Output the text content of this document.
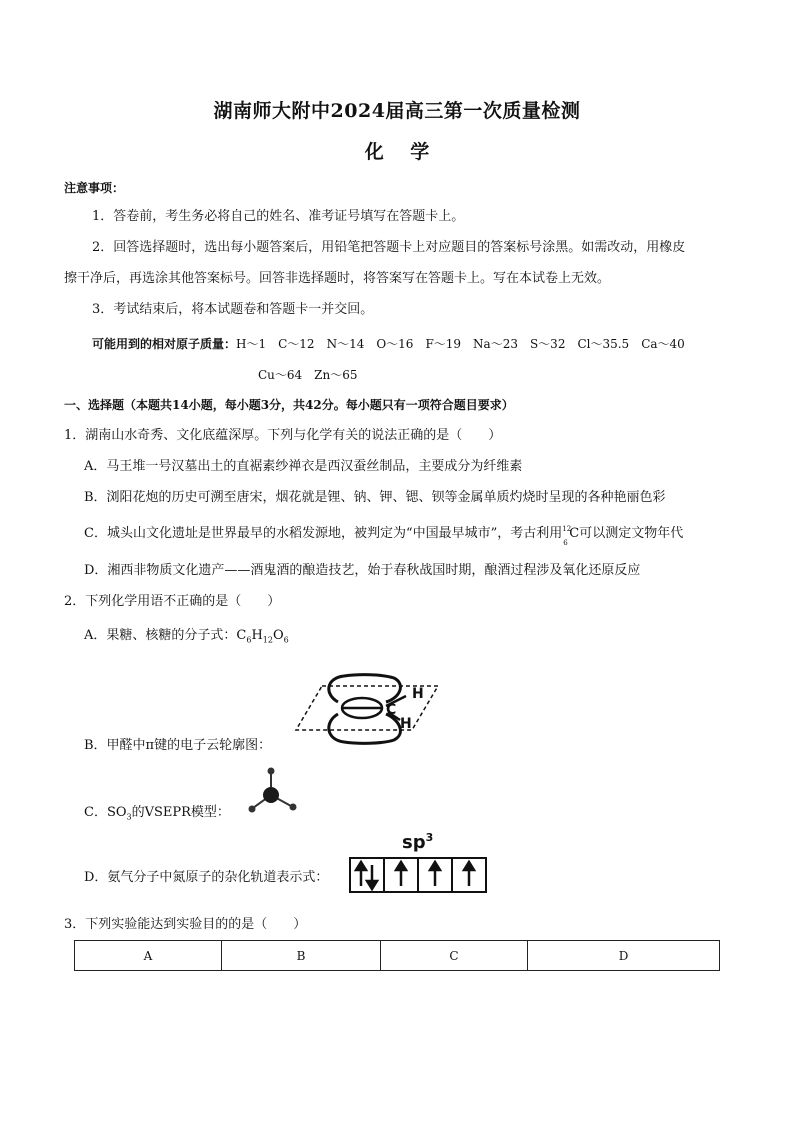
湖南师大附中2024届高三第一次质量检测
化 学
注意事项：
1．答卷前，考生务必将自己的姓名、准考证号填写在答题卡上。
2．回答选择题时，选出每小题答案后，用铅笔把答题卡上对应题目的答案标号涂黑。如需改动，用橡皮
擦干净后，再选涂其他答案标号。回答非选择题时，将答案写在答题卡上。写在本试卷上无效。
3．考试结束后，将本试题卷和答题卡一并交回。
可能用到的相对原子质量：H～1　C～12　N～14　O～16　F～19　Na～23　S～32　Cl～35.5　Ca～40
Cu～64　Zn～65
一、选择题（本题共14小题，每小题3分，共42分。每小题只有一项符合题目要求）
1．湖南山水奇秀、文化底蕴深厚。下列与化学有关的说法正确的是（　　）
A．马王堆一号汉墓出土的直裾素纱禅衣是西汉蚕丝制品，主要成分为纤维素
B．浏阳花炮的历史可溯至唐宋，烟花就是锂、钠、钾、锶、钡等金属单质灼烧时呈现的各种艳丽色彩
C．城头山文化遗址是世界最早的水稻发源地，被判定为“中国最早城市”，考古利用 12
6
C可以测定文物年代
D．湘西非物质文化遗产——酒鬼酒的酿造技艺，始于春秋战国时期，酿酒过程涉及氧化还原反应
2．下列化学用语不正确的是（　　）
A．果糖、核糖的分子式：$C_6H_{12}O_6$
C
H
H
B．甲醛中π键的电子云轮廓图：
C．$SO_3$的VSEPR模型：
$sp^3$
D．氨气分子中氮原子的杂化轨道表示式：
3．下列实验能达到实验目的的是（　　）
A	B	C	D
